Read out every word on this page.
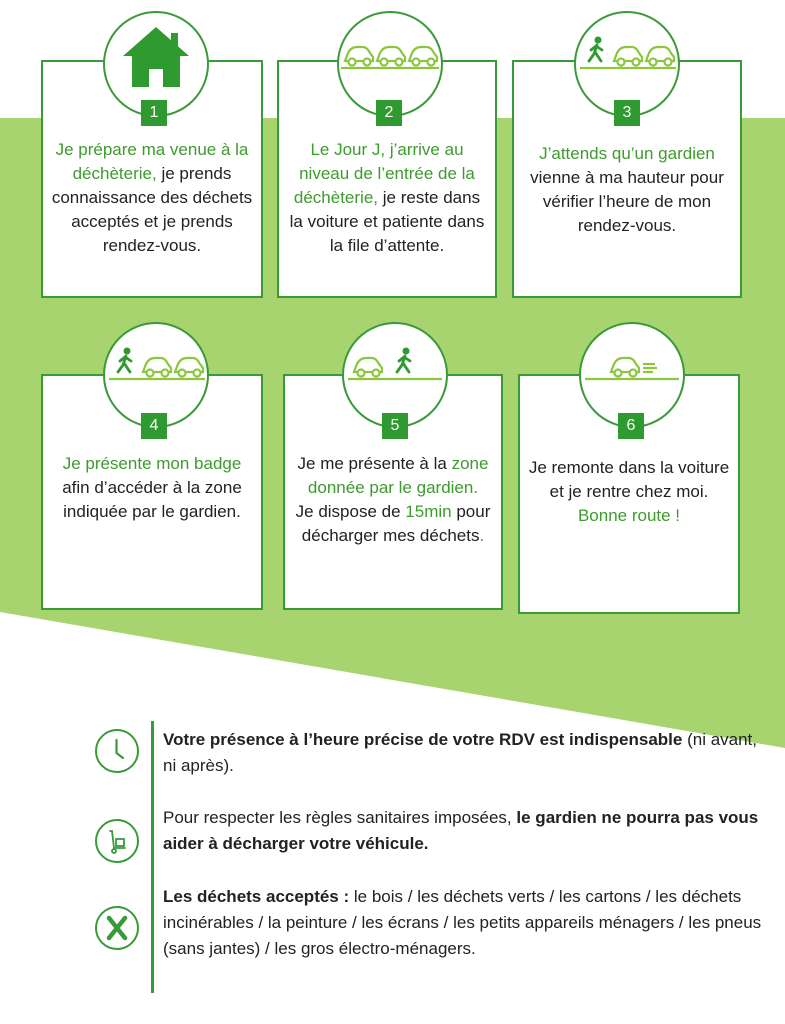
Je prépare ma venue à la déchèterie, je prends connaissance des déchets acceptés et je prends rendez-vous.
1
Le Jour J, j’arrive au niveau de l’entrée de la déchèterie, je reste dans la voiture et patiente dans la file d’attente.
2
J’attends qu’un gardien vienne à ma hauteur pour vérifier l’heure de mon rendez-vous.
3
Je présente mon badge afin d’accéder à la zone indiquée par le gardien.
4
Je me présente à la zone donnée par le gardien.
Je dispose de 15min pour décharger mes déchets.
5
Je remonte dans la voiture et je rentre chez moi.
Bonne route !
6
Votre présence à l’heure précise de votre RDV est indispensable (ni avant, ni après).
Pour respecter les règles sanitaires imposées, le gardien ne pourra pas vous aider à décharger votre véhicule.
Les déchets acceptés : le bois / les déchets verts / les cartons / les déchets incinérables / la peinture / les écrans / les petits appareils ménagers / les pneus (sans jantes) / les gros électro-ménagers.
